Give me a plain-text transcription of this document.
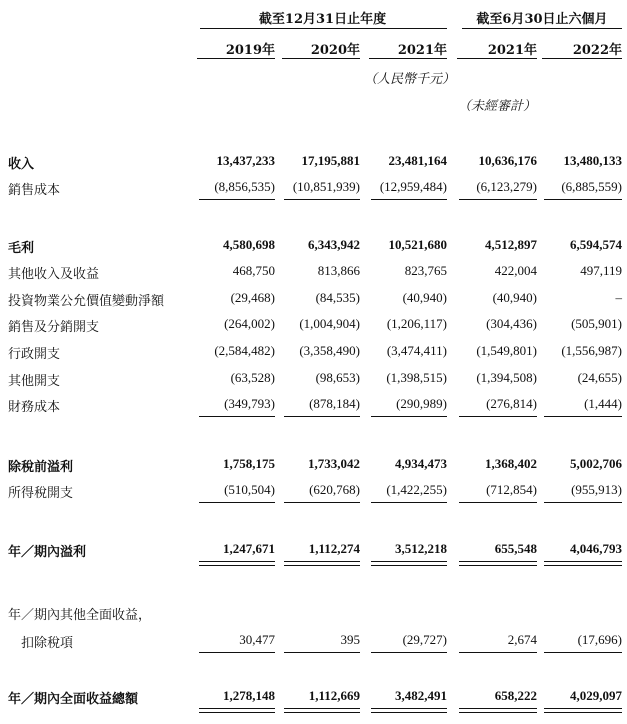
截至12月31日止年度	截至6月30日止六個月
2019年	2020年	2021年	2021年	2022年
（人民幣千元）
（未經審計）
收入	13,437,233	17,195,881	23,481,164	10,636,176	13,480,133
銷售成本	(8,856,535)	(10,851,939)	(12,959,484)	(6,123,279)	(6,885,559)
毛利	4,580,698	6,343,942	10,521,680	4,512,897	6,594,574
其他收入及收益	468,750	813,866	823,765	422,004	497,119
投資物業公允價值變動淨額	(29,468)	(84,535)	(40,940)	(40,940)	–
銷售及分銷開支	(264,002)	(1,004,904)	(1,206,117)	(304,436)	(505,901)
行政開支	(2,584,482)	(3,358,490)	(3,474,411)	(1,549,801)	(1,556,987)
其他開支	(63,528)	(98,653)	(1,398,515)	(1,394,508)	(24,655)
財務成本	(349,793)	(878,184)	(290,989)	(276,814)	(1,444)
除稅前溢利	1,758,175	1,733,042	4,934,473	1,368,402	5,002,706
所得稅開支	(510,504)	(620,768)	(1,422,255)	(712,854)	(955,913)
年／期內溢利	1,247,671	1,112,274	3,512,218	655,548	4,046,793
年／期內其他全面收益，
　扣除稅項	30,477	395	(29,727)	2,674	(17,696)
年／期內全面收益總額	1,278,148	1,112,669	3,482,491	658,222	4,029,097
